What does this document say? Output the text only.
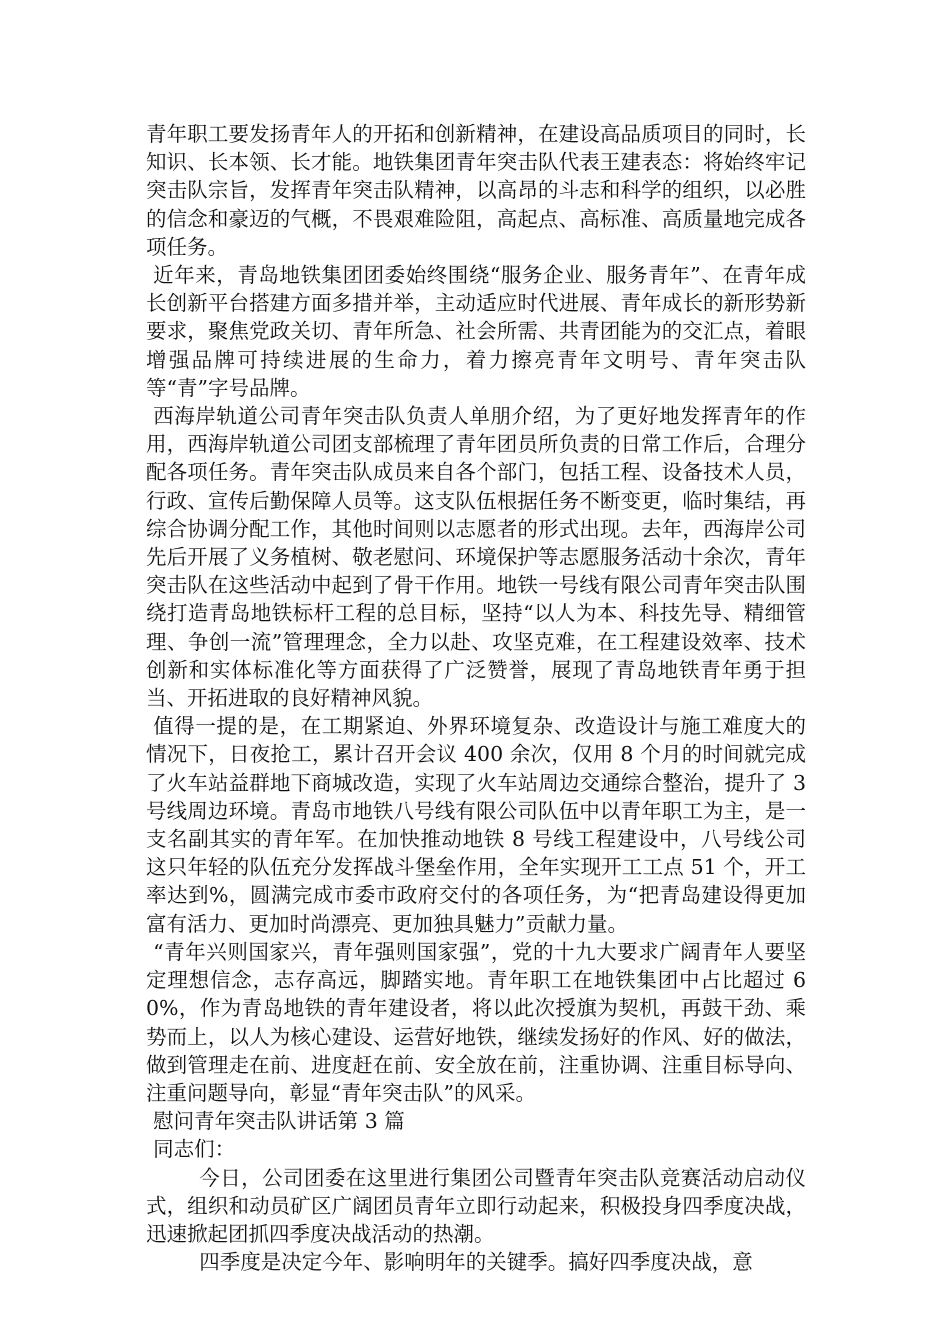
青年职工要发扬青年人的开拓和创新精神，在建设高品质项目的同时，长知识、长本领、长才能。地铁集团青年突击队代表王建表态：将始终牢记突击队宗旨，发挥青年突击队精神，以高昂的斗志和科学的组织，以必胜的信念和豪迈的气概，不畏艰难险阻，高起点、高标准、高质量地完成各项任务。

近年来，青岛地铁集团团委始终围绕“服务企业、服务青年”、在青年成长创新平台搭建方面多措并举，主动适应时代进展、青年成长的新形势新要求，聚焦党政关切、青年所急、社会所需、共青团能为的交汇点，着眼增强品牌可持续进展的生命力，着力擦亮青年文明号、青年突击队等“青”字号品牌。

西海岸轨道公司青年突击队负责人单朋介绍，为了更好地发挥青年的作用，西海岸轨道公司团支部梳理了青年团员所负责的日常工作后，合理分配各项任务。青年突击队成员来自各个部门，包括工程、设备技术人员，行政、宣传后勤保障人员等。这支队伍根据任务不断变更，临时集结，再综合协调分配工作，其他时间则以志愿者的形式出现。去年，西海岸公司先后开展了义务植树、敬老慰问、环境保护等志愿服务活动十余次，青年突击队在这些活动中起到了骨干作用。地铁一号线有限公司青年突击队围绕打造青岛地铁标杆工程的总目标，坚持“以人为本、科技先导、精细管理、争创一流”管理理念，全力以赴、攻坚克难，在工程建设效率、技术创新和实体标准化等方面获得了广泛赞誉，展现了青岛地铁青年勇于担当、开拓进取的良好精神风貌。

值得一提的是，在工期紧迫、外界环境复杂、改造设计与施工难度大的情况下，日夜抢工，累计召开会议 400 余次，仅用 8 个月的时间就完成了火车站益群地下商城改造，实现了火车站周边交通综合整治，提升了 3 号线周边环境。青岛市地铁八号线有限公司队伍中以青年职工为主，是一支名副其实的青年军。在加快推动地铁 8 号线工程建设中，八号线公司这只年轻的队伍充分发挥战斗堡垒作用，全年实现开工工点 51 个，开工率达到%，圆满完成市委市政府交付的各项任务，为“把青岛建设得更加富有活力、更加时尚漂亮、更加独具魅力”贡献力量。

“青年兴则国家兴，青年强则国家强”，党的十九大要求广阔青年人要坚定理想信念，志存高远，脚踏实地。青年职工在地铁集团中占比超过 60%，作为青岛地铁的青年建设者，将以此次授旗为契机，再鼓干劲、乘势而上，以人为核心建设、运营好地铁，继续发扬好的作风、好的做法，做到管理走在前、进度赶在前、安全放在前，注重协调、注重目标导向、注重问题导向，彰显“青年突击队”的风采。

慰问青年突击队讲话第 3 篇

同志们：

今日，公司团委在这里进行集团公司暨青年突击队竞赛活动启动仪式，组织和动员矿区广阔团员青年立即行动起来，积极投身四季度决战，迅速掀起团抓四季度决战活动的热潮。

四季度是决定今年、影响明年的关键季。搞好四季度决战，意
